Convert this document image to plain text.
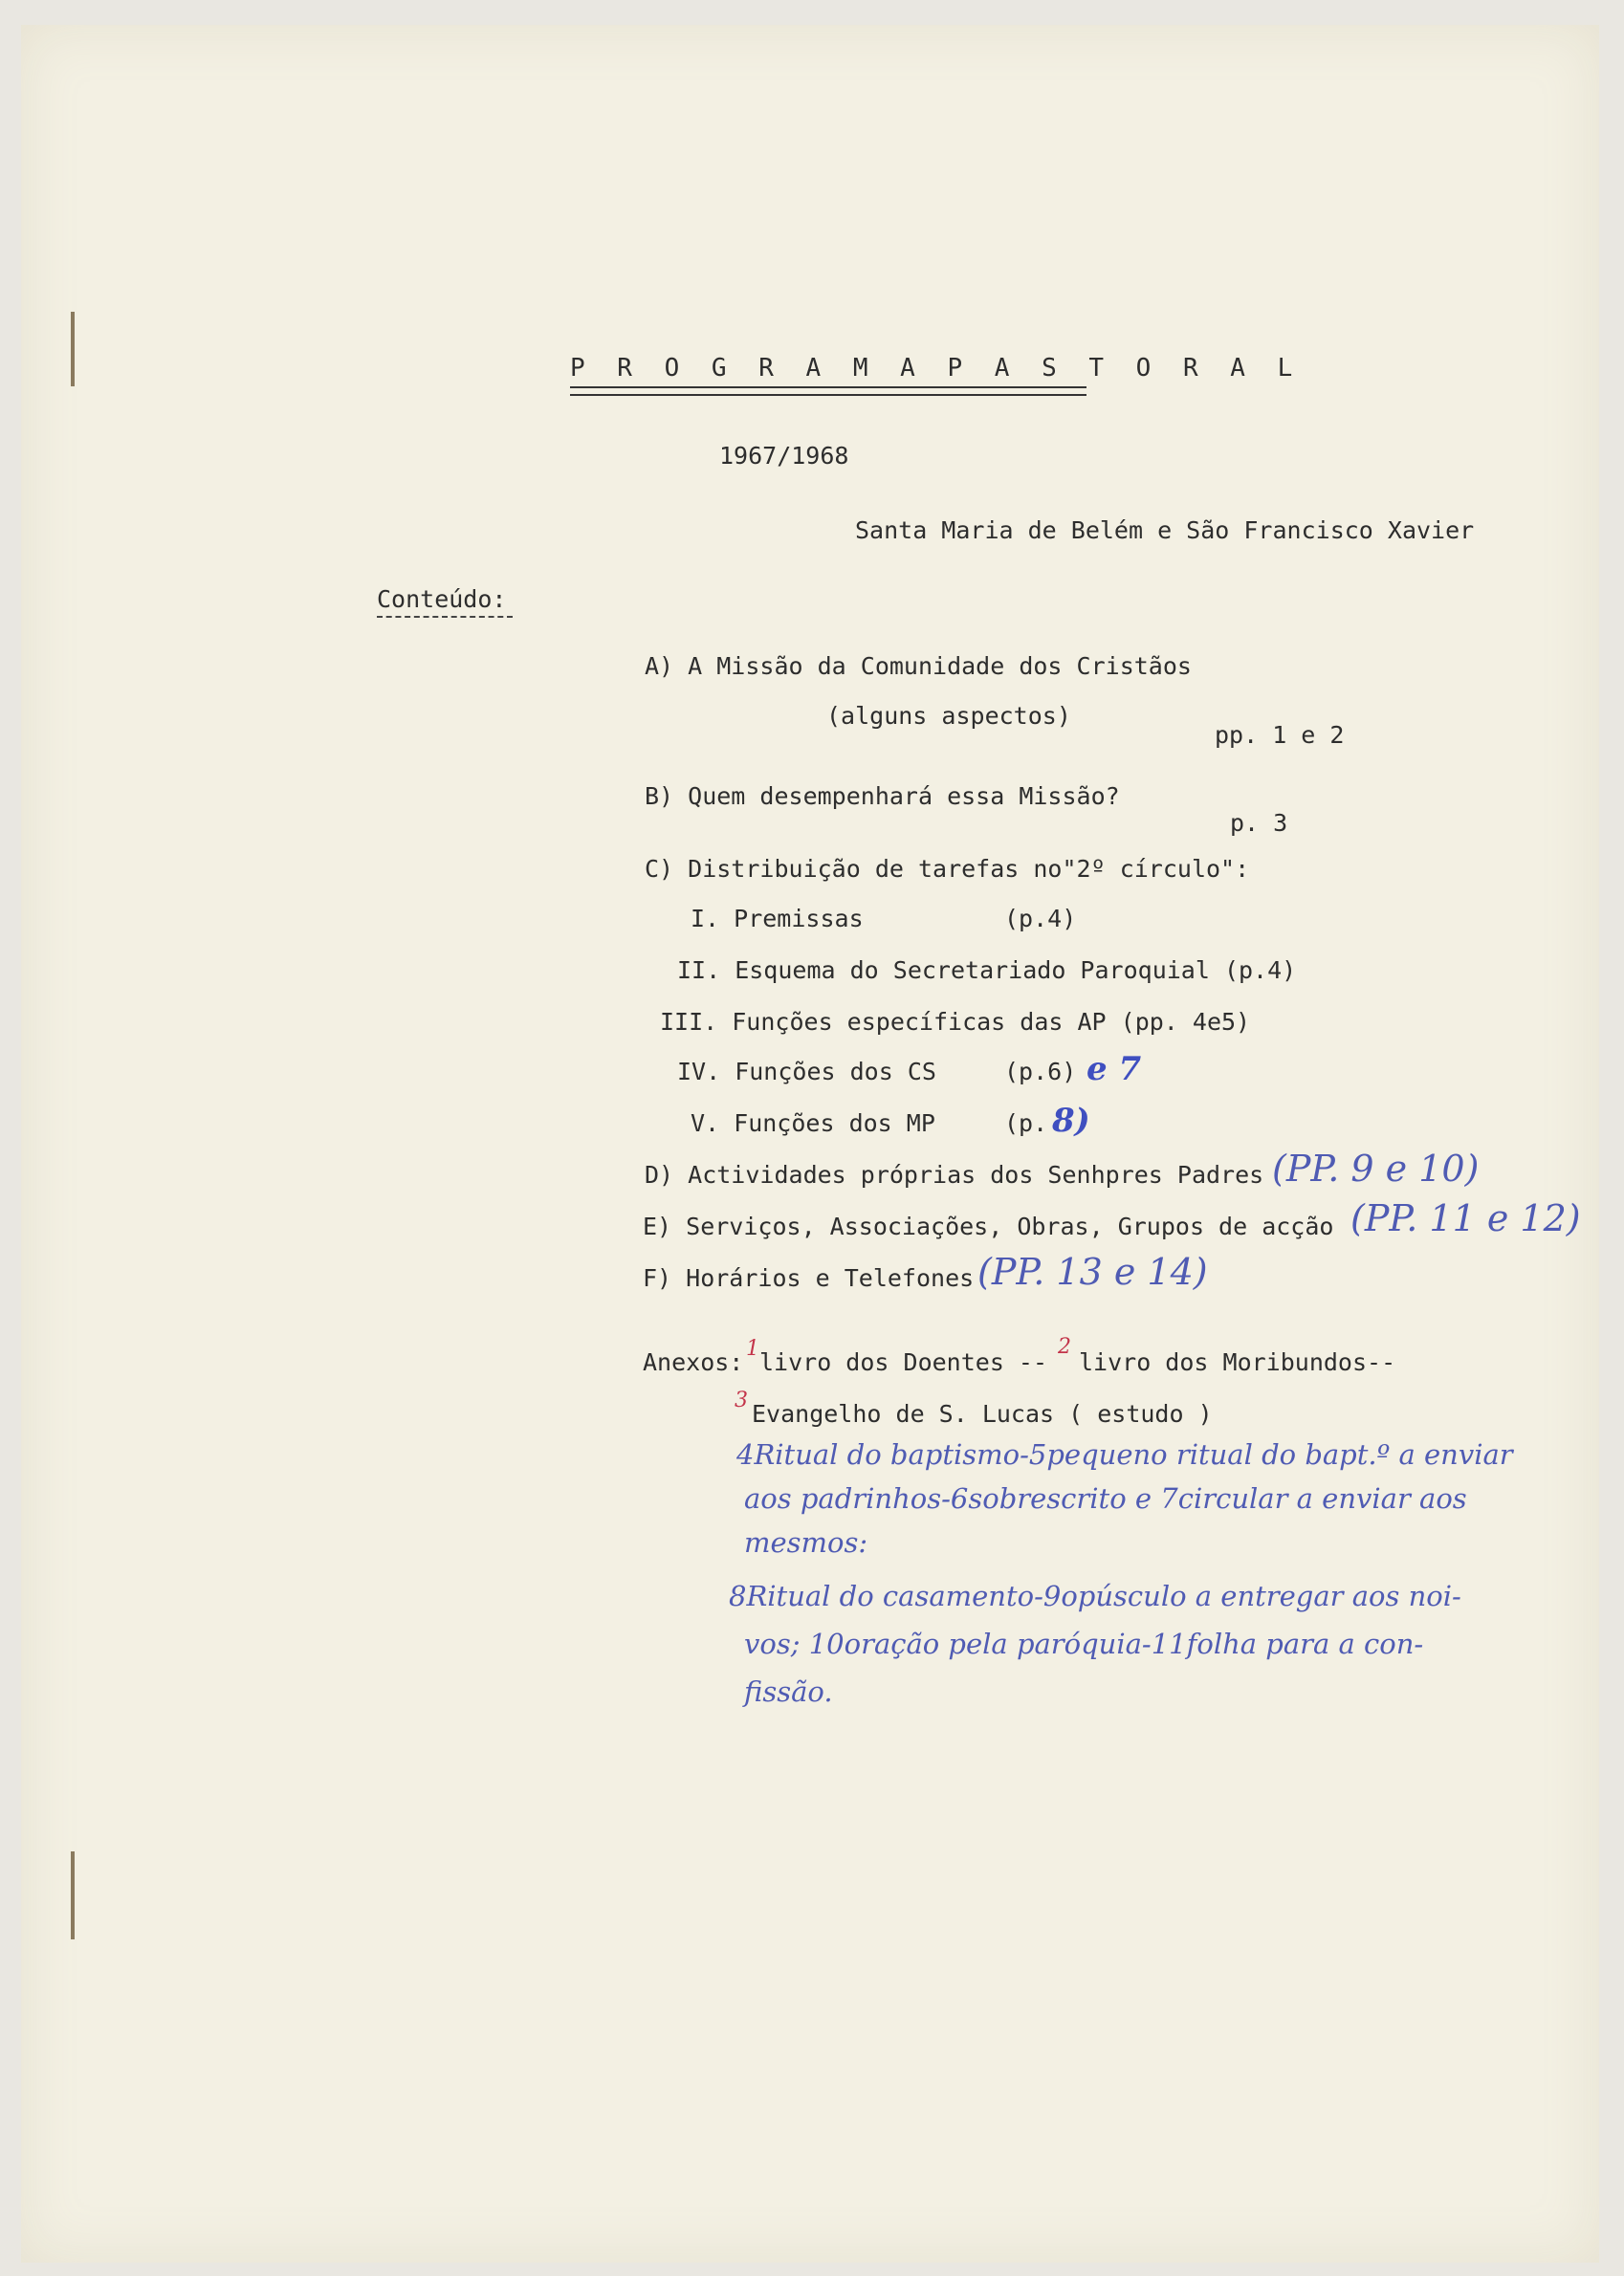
P R O G R A M A P A S T O R A L
1967/1968
Santa Maria de Belém e São Francisco Xavier
Conteúdo:
A) A Missão da Comunidade dos Cristãos
(alguns aspectos)
pp. 1 e 2
B) Quem desempenhará essa Missão?
p. 3
C) Distribuição de tarefas no"2º círculo":
I. Premissas	(p.4)
II. Esquema do Secretariado Paroquial (p.4)
III. Funções específicas das AP (pp. 4e5)
IV. Funções dos CS	(p.6) e 7
V. Funções dos MP	(p. 8)
D) Actividades próprias dos Senhpres Padres (PP. 9 e 10)
E) Serviços, Associações, Obras, Grupos de acção (PP. 11 e 12)
F) Horários e Telefones (PP. 13 e 14)
Anexos: 1 livro dos Doentes --
2
livro dos Moribundos--
3 Evangelho de S. Lucas ( estudo )
4Ritual do baptismo-5pequeno ritual do bapt.º a enviar
aos padrinhos-6sobrescrito e 7circular a enviar aos
mesmos:
8Ritual do casamento-9opúsculo a entregar aos noi-
vos; 10oração pela paróquia-11folha para a con-
fissão.
